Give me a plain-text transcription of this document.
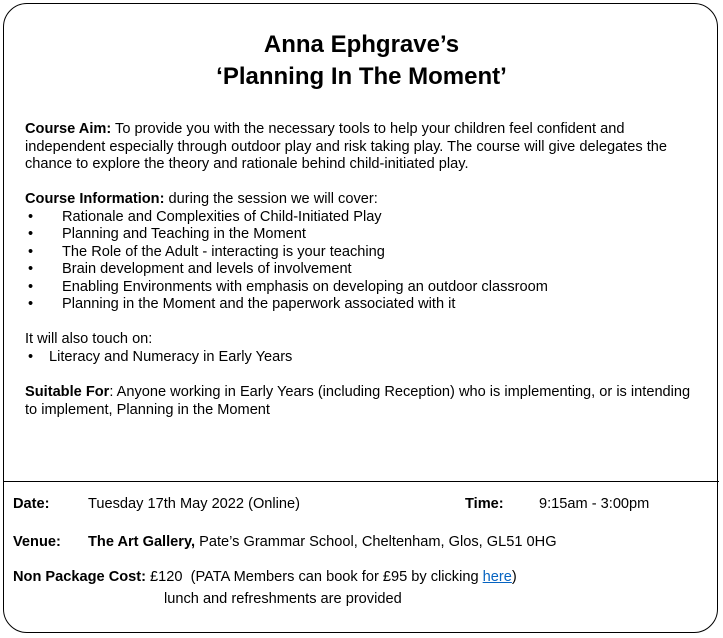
Anna Ephgrave’s
‘Planning In The Moment’
Course Aim: To provide you with the necessary tools to help your children feel confident and independent especially through outdoor play and risk taking play. The course will give delegates the chance to explore the theory and rationale behind child-initiated play.
Course Information: during the session we will cover:
• Rationale and Complexities of Child-Initiated Play
• Planning and Teaching in the Moment
• The Role of the Adult - interacting is your teaching
• Brain development and levels of involvement
• Enabling Environments with emphasis on developing an outdoor classroom
• Planning in the Moment and the paperwork associated with it
It will also touch on:
• Literacy and Numeracy in Early Years
Suitable For: Anyone working in Early Years (including Reception) who is implementing, or is intending to implement, Planning in the Moment
Date:	Tuesday 17th May 2022 (Online)	Time: 9:15am - 3:00pm
Venue: The Art Gallery, Pate’s Grammar School, Cheltenham, Glos, GL51 0HG
Non Package Cost: £120 (PATA Members can book for £95 by clicking here)
lunch and refreshments are provided
